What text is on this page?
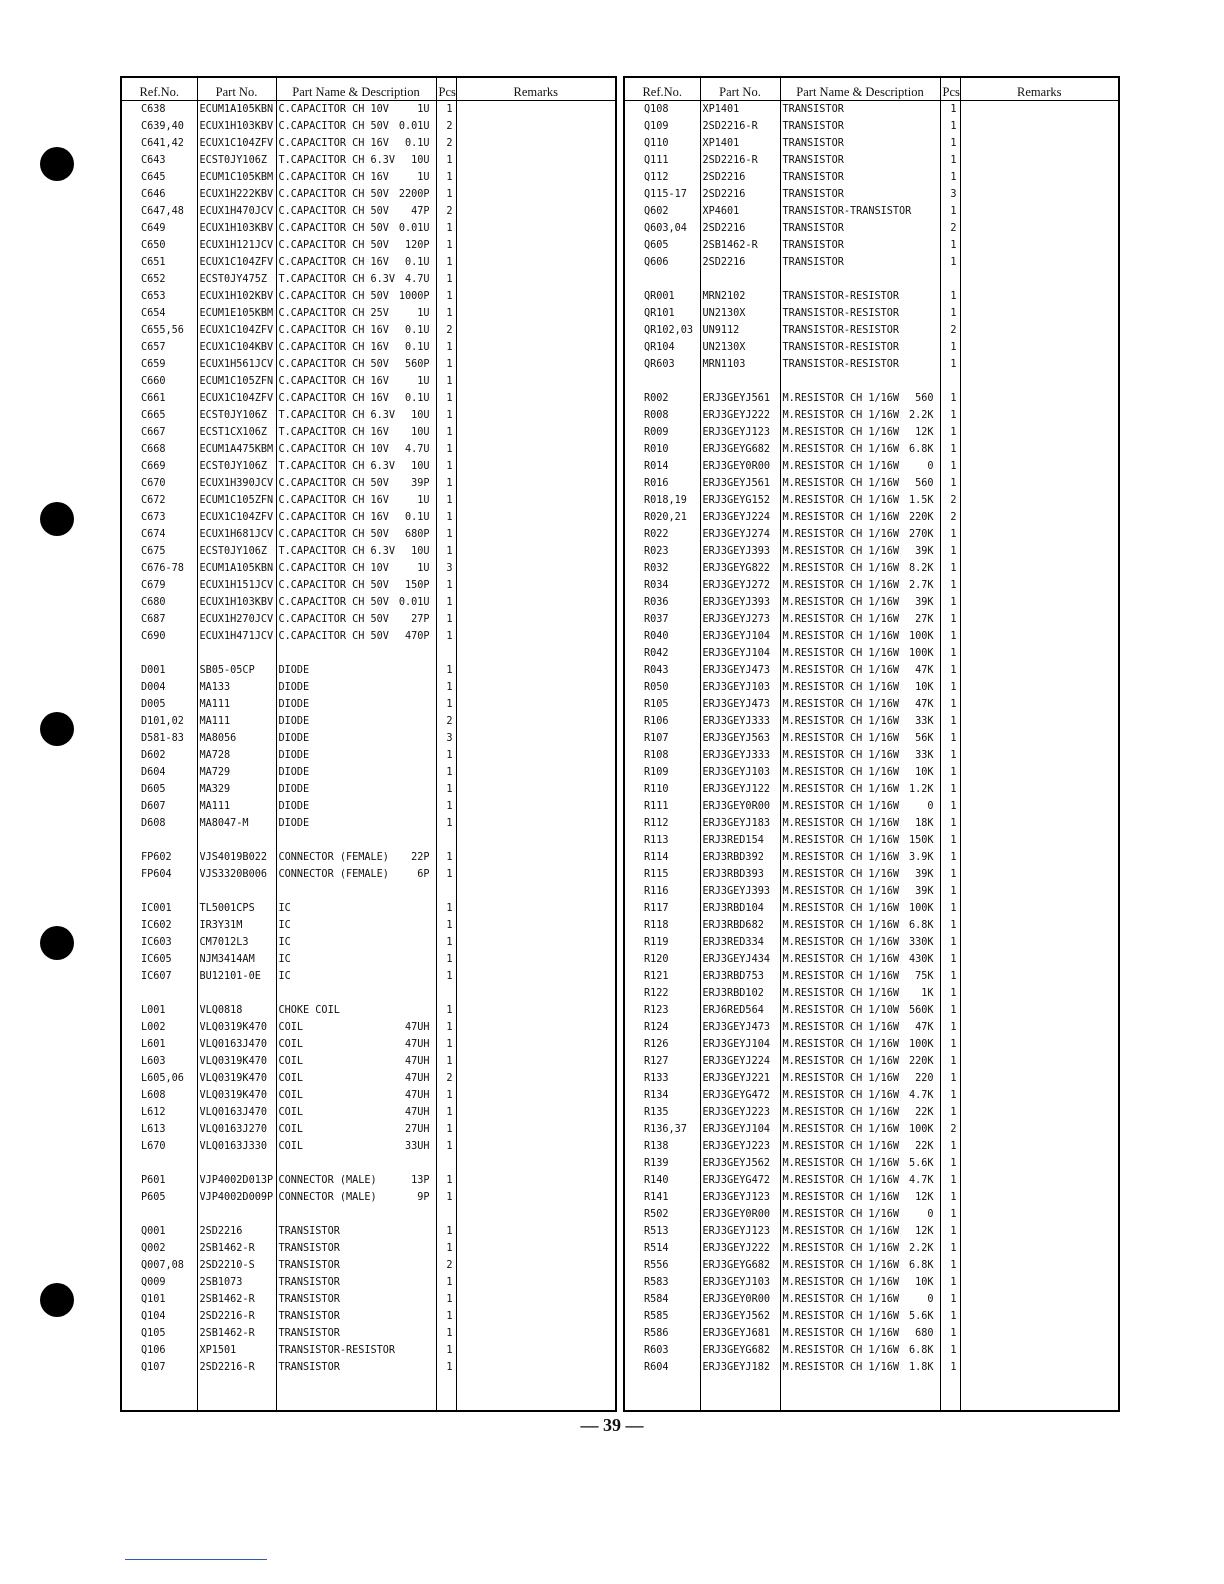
Ref.No.	Part No.	Part Name & Description	Pcs	Remarks
C638	ECUM1A105KBN	C.CAPACITOR CH 10V 1U	1	
C639,40	ECUX1H103KBV	C.CAPACITOR CH 50V 0.01U	2	
C641,42	ECUX1C104ZFV	C.CAPACITOR CH 16V 0.1U	2	
C643	ECST0JY106Z	T.CAPACITOR CH 6.3V 10U	1	
C645	ECUM1C105KBM	C.CAPACITOR CH 16V 1U	1	
C646	ECUX1H222KBV	C.CAPACITOR CH 50V 2200P	1	
C647,48	ECUX1H470JCV	C.CAPACITOR CH 50V 47P	2	
C649	ECUX1H103KBV	C.CAPACITOR CH 50V 0.01U	1	
C650	ECUX1H121JCV	C.CAPACITOR CH 50V 120P	1	
C651	ECUX1C104ZFV	C.CAPACITOR CH 16V 0.1U	1	
C652	ECST0JY475Z	T.CAPACITOR CH 6.3V 4.7U	1	
C653	ECUX1H102KBV	C.CAPACITOR CH 50V 1000P	1	
C654	ECUM1E105KBM	C.CAPACITOR CH 25V 1U	1	
C655,56	ECUX1C104ZFV	C.CAPACITOR CH 16V 0.1U	2	
C657	ECUX1C104KBV	C.CAPACITOR CH 16V 0.1U	1	
C659	ECUX1H561JCV	C.CAPACITOR CH 50V 560P	1	
C660	ECUM1C105ZFN	C.CAPACITOR CH 16V 1U	1	
C661	ECUX1C104ZFV	C.CAPACITOR CH 16V 0.1U	1	
C665	ECST0JY106Z	T.CAPACITOR CH 6.3V 10U	1	
C667	ECST1CX106Z	T.CAPACITOR CH 16V 10U	1	
C668	ECUM1A475KBM	C.CAPACITOR CH 10V 4.7U	1	
C669	ECST0JY106Z	T.CAPACITOR CH 6.3V 10U	1	
C670	ECUX1H390JCV	C.CAPACITOR CH 50V 39P	1	
C672	ECUM1C105ZFN	C.CAPACITOR CH 16V 1U	1	
C673	ECUX1C104ZFV	C.CAPACITOR CH 16V 0.1U	1	
C674	ECUX1H681JCV	C.CAPACITOR CH 50V 680P	1	
C675	ECST0JY106Z	T.CAPACITOR CH 6.3V 10U	1	
C676-78	ECUM1A105KBN	C.CAPACITOR CH 10V 1U	3	
C679	ECUX1H151JCV	C.CAPACITOR CH 50V 150P	1	
C680	ECUX1H103KBV	C.CAPACITOR CH 50V 0.01U	1	
C687	ECUX1H270JCV	C.CAPACITOR CH 50V 27P	1	
C690	ECUX1H471JCV	C.CAPACITOR CH 50V 470P	1	

D001	SB05-05CP	DIODE	1	
D004	MA133	DIODE	1	
D005	MA111	DIODE	1	
D101,02	MA111	DIODE	2	
D581-83	MA8056	DIODE	3	
D602	MA728	DIODE	1	
D604	MA729	DIODE	1	
D605	MA329	DIODE	1	
D607	MA111	DIODE	1	
D608	MA8047-M	DIODE	1	

FP602	VJS4019B022	CONNECTOR (FEMALE) 22P	1	
FP604	VJS3320B006	CONNECTOR (FEMALE) 6P	1	

IC001	TL5001CPS	IC	1	
IC602	IR3Y31M	IC	1	
IC603	CM7012L3	IC	1	
IC605	NJM3414AM	IC	1	
IC607	BU12101-0E	IC	1	

L001	VLQ0818	CHOKE COIL	1	
L002	VLQ0319K470	COIL 47UH	1	
L601	VLQ0163J470	COIL 47UH	1	
L603	VLQ0319K470	COIL 47UH	1	
L605,06	VLQ0319K470	COIL 47UH	2	
L608	VLQ0319K470	COIL 47UH	1	
L612	VLQ0163J470	COIL 47UH	1	
L613	VLQ0163J270	COIL 27UH	1	
L670	VLQ0163J330	COIL 33UH	1	

P601	VJP4002D013P	CONNECTOR (MALE) 13P	1	
P605	VJP4002D009P	CONNECTOR (MALE) 9P	1	

Q001	2SD2216	TRANSISTOR	1	
Q002	2SB1462-R	TRANSISTOR	1	
Q007,08	2SD2210-S	TRANSISTOR	2	
Q009	2SB1073	TRANSISTOR	1	
Q101	2SB1462-R	TRANSISTOR	1	
Q104	2SD2216-R	TRANSISTOR	1	
Q105	2SB1462-R	TRANSISTOR	1	
Q106	XP1501	TRANSISTOR-RESISTOR	1	
Q107	2SD2216-R	TRANSISTOR	1	

Ref.No.	Part No.	Part Name & Description	Pcs	Remarks
Q108	XP1401	TRANSISTOR	1	
Q109	2SD2216-R	TRANSISTOR	1	
Q110	XP1401	TRANSISTOR	1	
Q111	2SD2216-R	TRANSISTOR	1	
Q112	2SD2216	TRANSISTOR	1	
Q115-17	2SD2216	TRANSISTOR	3	
Q602	XP4601	TRANSISTOR-TRANSISTOR	1	
Q603,04	2SD2216	TRANSISTOR	2	
Q605	2SB1462-R	TRANSISTOR	1	
Q606	2SD2216	TRANSISTOR	1	

QR001	MRN2102	TRANSISTOR-RESISTOR	1	
QR101	UN2130X	TRANSISTOR-RESISTOR	1	
QR102,03	UN9112	TRANSISTOR-RESISTOR	2	
QR104	UN2130X	TRANSISTOR-RESISTOR	1	
QR603	MRN1103	TRANSISTOR-RESISTOR	1	

R002	ERJ3GEYJ561	M.RESISTOR CH 1/16W 560	1	
R008	ERJ3GEYJ222	M.RESISTOR CH 1/16W 2.2K	1	
R009	ERJ3GEYJ123	M.RESISTOR CH 1/16W 12K	1	
R010	ERJ3GEYG682	M.RESISTOR CH 1/16W 6.8K	1	
R014	ERJ3GEY0R00	M.RESISTOR CH 1/16W 0	1	
R016	ERJ3GEYJ561	M.RESISTOR CH 1/16W 560	1	
R018,19	ERJ3GEYG152	M.RESISTOR CH 1/16W 1.5K	2	
R020,21	ERJ3GEYJ224	M.RESISTOR CH 1/16W 220K	2	
R022	ERJ3GEYJ274	M.RESISTOR CH 1/16W 270K	1	
R023	ERJ3GEYJ393	M.RESISTOR CH 1/16W 39K	1	
R032	ERJ3GEYG822	M.RESISTOR CH 1/16W 8.2K	1	
R034	ERJ3GEYJ272	M.RESISTOR CH 1/16W 2.7K	1	
R036	ERJ3GEYJ393	M.RESISTOR CH 1/16W 39K	1	
R037	ERJ3GEYJ273	M.RESISTOR CH 1/16W 27K	1	
R040	ERJ3GEYJ104	M.RESISTOR CH 1/16W 100K	1	
R042	ERJ3GEYJ104	M.RESISTOR CH 1/16W 100K	1	
R043	ERJ3GEYJ473	M.RESISTOR CH 1/16W 47K	1	
R050	ERJ3GEYJ103	M.RESISTOR CH 1/16W 10K	1	
R105	ERJ3GEYJ473	M.RESISTOR CH 1/16W 47K	1	
R106	ERJ3GEYJ333	M.RESISTOR CH 1/16W 33K	1	
R107	ERJ3GEYJ563	M.RESISTOR CH 1/16W 56K	1	
R108	ERJ3GEYJ333	M.RESISTOR CH 1/16W 33K	1	
R109	ERJ3GEYJ103	M.RESISTOR CH 1/16W 10K	1	
R110	ERJ3GEYJ122	M.RESISTOR CH 1/16W 1.2K	1	
R111	ERJ3GEY0R00	M.RESISTOR CH 1/16W 0	1	
R112	ERJ3GEYJ183	M.RESISTOR CH 1/16W 18K	1	
R113	ERJ3RED154	M.RESISTOR CH 1/16W 150K	1	
R114	ERJ3RBD392	M.RESISTOR CH 1/16W 3.9K	1	
R115	ERJ3RBD393	M.RESISTOR CH 1/16W 39K	1	
R116	ERJ3GEYJ393	M.RESISTOR CH 1/16W 39K	1	
R117	ERJ3RBD104	M.RESISTOR CH 1/16W 100K	1	
R118	ERJ3RBD682	M.RESISTOR CH 1/16W 6.8K	1	
R119	ERJ3RED334	M.RESISTOR CH 1/16W 330K	1	
R120	ERJ3GEYJ434	M.RESISTOR CH 1/16W 430K	1	
R121	ERJ3RBD753	M.RESISTOR CH 1/16W 75K	1	
R122	ERJ3RBD102	M.RESISTOR CH 1/16W 1K	1	
R123	ERJ6RED564	M.RESISTOR CH 1/10W 560K	1	
R124	ERJ3GEYJ473	M.RESISTOR CH 1/16W 47K	1	
R126	ERJ3GEYJ104	M.RESISTOR CH 1/16W 100K	1	
R127	ERJ3GEYJ224	M.RESISTOR CH 1/16W 220K	1	
R133	ERJ3GEYJ221	M.RESISTOR CH 1/16W 220	1	
R134	ERJ3GEYG472	M.RESISTOR CH 1/16W 4.7K	1	
R135	ERJ3GEYJ223	M.RESISTOR CH 1/16W 22K	1	
R136,37	ERJ3GEYJ104	M.RESISTOR CH 1/16W 100K	2	
R138	ERJ3GEYJ223	M.RESISTOR CH 1/16W 22K	1	
R139	ERJ3GEYJ562	M.RESISTOR CH 1/16W 5.6K	1	
R140	ERJ3GEYG472	M.RESISTOR CH 1/16W 4.7K	1	
R141	ERJ3GEYJ123	M.RESISTOR CH 1/16W 12K	1	
R502	ERJ3GEY0R00	M.RESISTOR CH 1/16W 0	1	
R513	ERJ3GEYJ123	M.RESISTOR CH 1/16W 12K	1	
R514	ERJ3GEYJ222	M.RESISTOR CH 1/16W 2.2K	1	
R556	ERJ3GEYG682	M.RESISTOR CH 1/16W 6.8K	1	
R583	ERJ3GEYJ103	M.RESISTOR CH 1/16W 10K	1	
R584	ERJ3GEY0R00	M.RESISTOR CH 1/16W 0	1	
R585	ERJ3GEYJ562	M.RESISTOR CH 1/16W 5.6K	1	
R586	ERJ3GEYJ681	M.RESISTOR CH 1/16W 680	1	
R603	ERJ3GEYG682	M.RESISTOR CH 1/16W 6.8K	1	
R604	ERJ3GEYJ182	M.RESISTOR CH 1/16W 1.8K	1	

— 39 —
